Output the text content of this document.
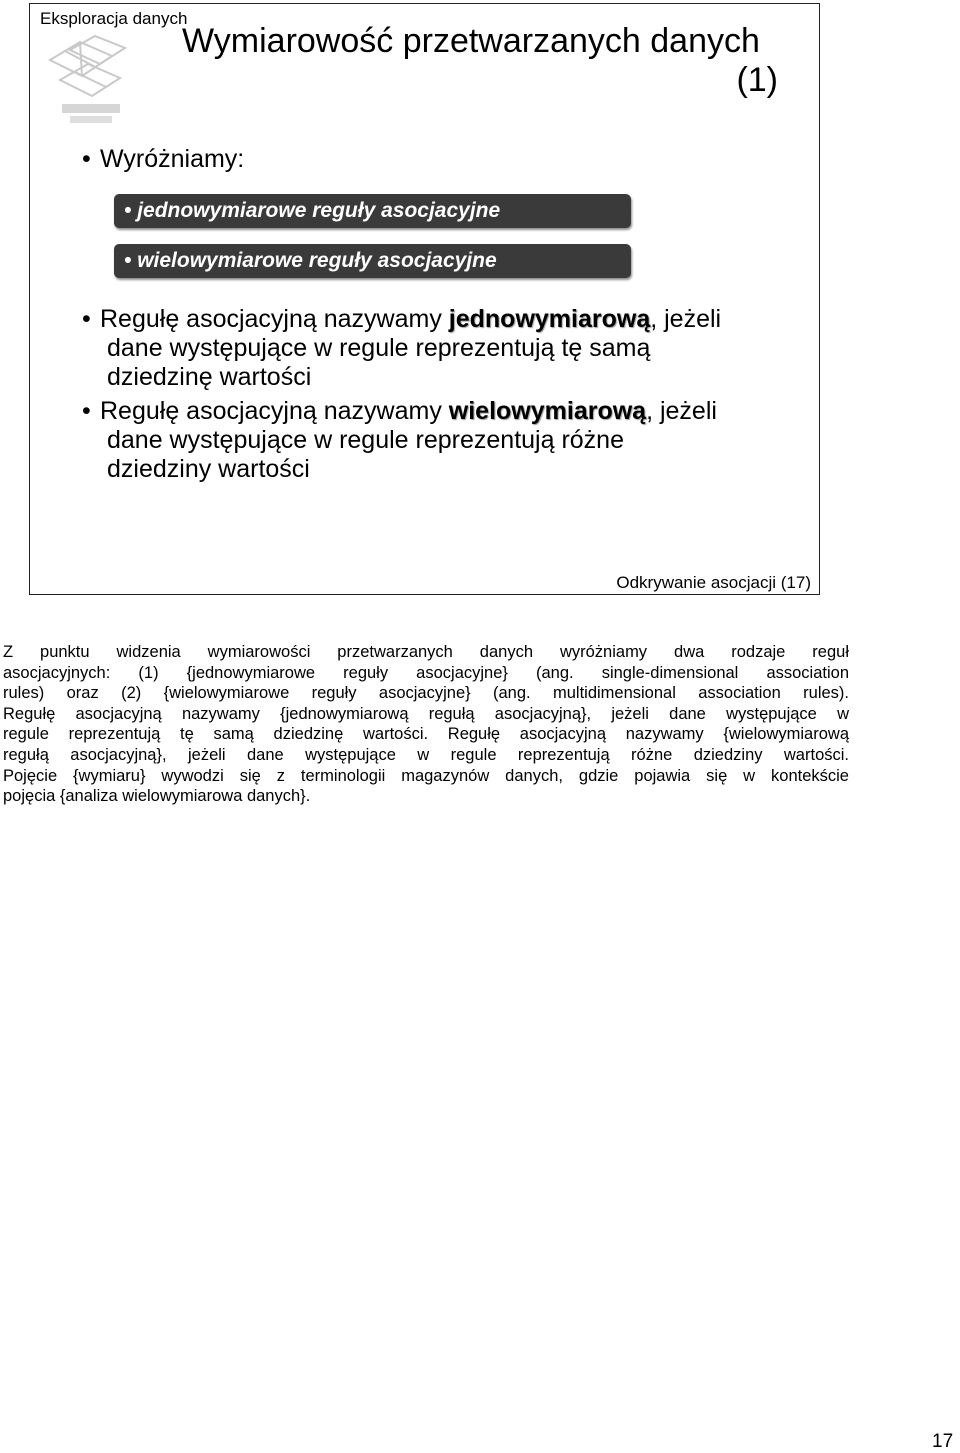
Eksploracja danych
Wymiarowość przetwarzanych danych
(1)
• Wyróżniamy:
• jednowymiarowe reguły asocjacyjne
• wielowymiarowe reguły asocjacyjne
• Regułę asocjacyjną nazywamy jednowymiarową, jeżeli
dane występujące w regule reprezentują tę samą
dziedzinę wartości
• Regułę asocjacyjną nazywamy wielowymiarową, jeżeli
dane występujące w regule reprezentują różne
dziedziny wartości
Odkrywanie asocjacji (17)
Z punktu widzenia wymiarowości przetwarzanych danych wyróżniamy dwa rodzaje reguł
asocjacyjnych: (1) {jednowymiarowe reguły asocjacyjne} (ang. single-dimensional association
rules) oraz (2) {wielowymiarowe reguły asocjacyjne} (ang. multidimensional association rules).
Regułę asocjacyjną nazywamy {jednowymiarową regułą asocjacyjną}, jeżeli dane występujące w
regule reprezentują tę samą dziedzinę wartości. Regułę asocjacyjną nazywamy {wielowymiarową
regułą asocjacyjną}, jeżeli dane występujące w regule reprezentują różne dziedziny wartości.
Pojęcie {wymiaru} wywodzi się z terminologii magazynów danych, gdzie pojawia się w kontekście
pojęcia {analiza wielowymiarowa danych}.
17
